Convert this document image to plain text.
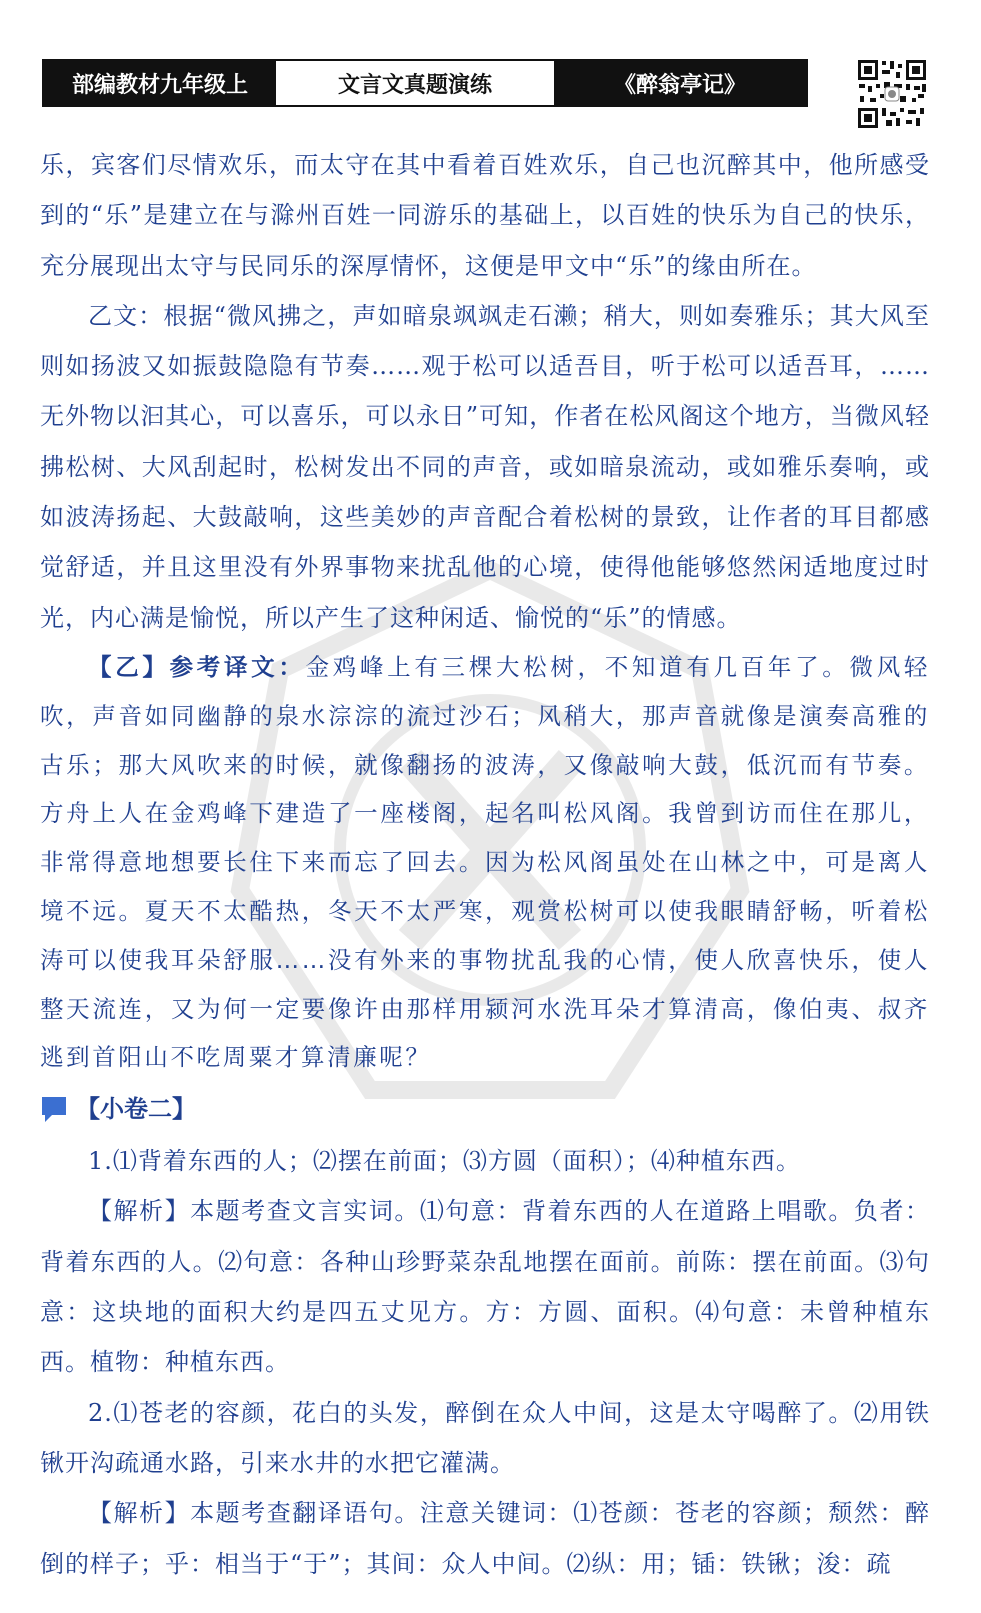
部编教材九年级上	文言文真题演练	《醉翁亭记》

乐，宾客们尽情欢乐，而太守在其中看着百姓欢乐，自己也沉醉其中，他所感受到的“乐”是建立在与滁州百姓一同游乐的基础上，以百姓的快乐为自己的快乐，充分展现出太守与民同乐的深厚情怀，这便是甲文中“乐”的缘由所在。

乙文：根据“微风拂之，声如暗泉飒飒走石濑；稍大，则如奏雅乐；其大风至则如扬波又如振鼓隐隐有节奏……观于松可以适吾目，听于松可以适吾耳，……无外物以汩其心，可以喜乐，可以永日”可知，作者在松风阁这个地方，当微风轻拂松树、大风刮起时，松树发出不同的声音，或如暗泉流动，或如雅乐奏响，或如波涛扬起、大鼓敲响，这些美妙的声音配合着松树的景致，让作者的耳目都感觉舒适，并且这里没有外界事物来扰乱他的心境，使得他能够悠然闲适地度过时光，内心满是愉悦，所以产生了这种闲适、愉悦的“乐”的情感。

【乙】参考译文：金鸡峰上有三棵大松树，不知道有几百年了。微风轻吹，声音如同幽静的泉水淙淙的流过沙石；风稍大，那声音就像是演奏高雅的古乐；那大风吹来的时候，就像翻扬的波涛，又像敲响大鼓，低沉而有节奏。方舟上人在金鸡峰下建造了一座楼阁，起名叫松风阁。我曾到访而住在那儿，非常得意地想要长住下来而忘了回去。因为松风阁虽处在山林之中，可是离人境不远。夏天不太酷热，冬天不太严寒，观赏松树可以使我眼睛舒畅，听着松涛可以使我耳朵舒服……没有外来的事物扰乱我的心情，使人欣喜快乐，使人整天流连，又为何一定要像许由那样用颍河水洗耳朵才算清高，像伯夷、叔齐逃到首阳山不吃周粟才算清廉呢？

【小卷二】

1.⑴背着东西的人；⑵摆在前面；⑶方圆（面积）；⑷种植东西。

【解析】本题考查文言实词。⑴句意：背着东西的人在道路上唱歌。负者：背着东西的人。⑵句意：各种山珍野菜杂乱地摆在面前。前陈：摆在前面。⑶句意：这块地的面积大约是四五丈见方。方：方圆、面积。⑷句意：未曾种植东西。植物：种植东西。

2.⑴苍老的容颜，花白的头发，醉倒在众人中间，这是太守喝醉了。⑵用铁锹开沟疏通水路，引来水井的水把它灌满。

【解析】本题考查翻译语句。注意关键词：⑴苍颜：苍老的容颜；颓然：醉倒的样子；乎：相当于“于”；其间：众人中间。⑵纵：用；锸：铁锹；浚：疏
